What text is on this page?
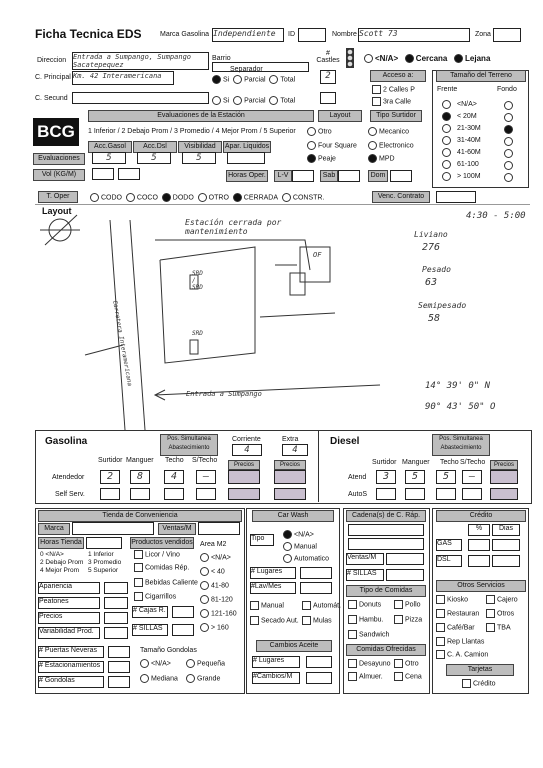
Ficha Tecnica EDS	Marca Gasolina Independiente	ID	Nombre Scott 73	Zona
Direccion Entrada a Sumpango, Sumpango Sacatepequez
Barrio
C. Principal Km. 42 Interamericana
Separador
Si Parcial Total
# Castles
2
<N/A> Cercana Lejana
Acceso a:
2 Calles P
3ra Calle
C. Secund	Si Parcial Total
Tamaño del Terreno
Frente	Fondo
<N/A>
< 20M
21-30M
31-40M
41-60M
61-100
> 100M
Evaluaciones de la Estación	Layout	Tipo Surtidor
BCG	1 Inferior / 2 Debajo Prom / 3 Promedio / 4 Mejor Prom / 5 Superior	Otro	Mecanico
Acc.Gasol	Acc.Dsl	Visibilidad	Apar. Liquidos	Four Square	Electronico
Evaluaciones	5	5	5	Peaje	MPD
Vol (KG/M)	Horas Oper.	L-V	Sab	Dom
T. Oper	CODO COCO DODO OTRO CERRADA CONSTR.	Venc. Contrato
Layout
Estación cerrada por mantenimiento
4:30 - 5:00
Liviano
276
Pesado
63
Semipesado
58
SRD / SRD
SRD
OF
Carretera Interamericana
Entrada a Sumpango
14° 39' 0" N
90° 43' 50" O
Gasolina	Pos. Simultanea Abastecimiento
Corriente	Extra
4	4
Surtidor Manguer Techo S/Techo
Precios	Precios
Atendedor	2	8	4	—
Self Serv.
Diesel	Pos. Simultanea Abastecimiento
Surtidor Manguer Techo S/Techo	Precios
Atend	3	5	5	—
AutoS
Tienda de Conveniencia
Marca	Ventas/M
Horas Tienda	Productos vendidos Area M2
0 <N/A>	1 Inferior
2 Debajo Prom 3 Promedio
4 Mejor Prom 5 Superior
Licor / Vino
Comidas Rép.
Bebidas Caliente
Cigarrillos
<N/A>
< 40
41-80
81-120
121-160
> 160
Apariencia
Peatones
Precios
Variabilidad Prod.
# Cajas R.
# SILLAS
# Puertas Neveras
# Estacionamientos
# Gondolas
Tamaño Gondolas
<N/A>	Pequeña
Mediana	Grande
Car Wash
Tipo
<N/A>
Manual
Automatico
# Lugares
#Lav/Mes
Manual	Automát.
Secado Aut.	Mulas
Cambios Aceite
# Lugares
#Cambios/M
Cadena(s) de C. Ráp.
Ventas/M
# SILLAS
Tipo de Comidas
Donuts	Pollo
Hambu.	Pizza
Sandwich
Comidas Ofrecidas
Desayuno	Otro
Almuer.	Cena
Crédito
%	Dias
GAS
DSL
Otros Servicios
Kiosko	Cajero
Restauran	Otros
Café/Bar	TBA
Rep Llantas
C. A. Camion
Tarjetas
Crédito
